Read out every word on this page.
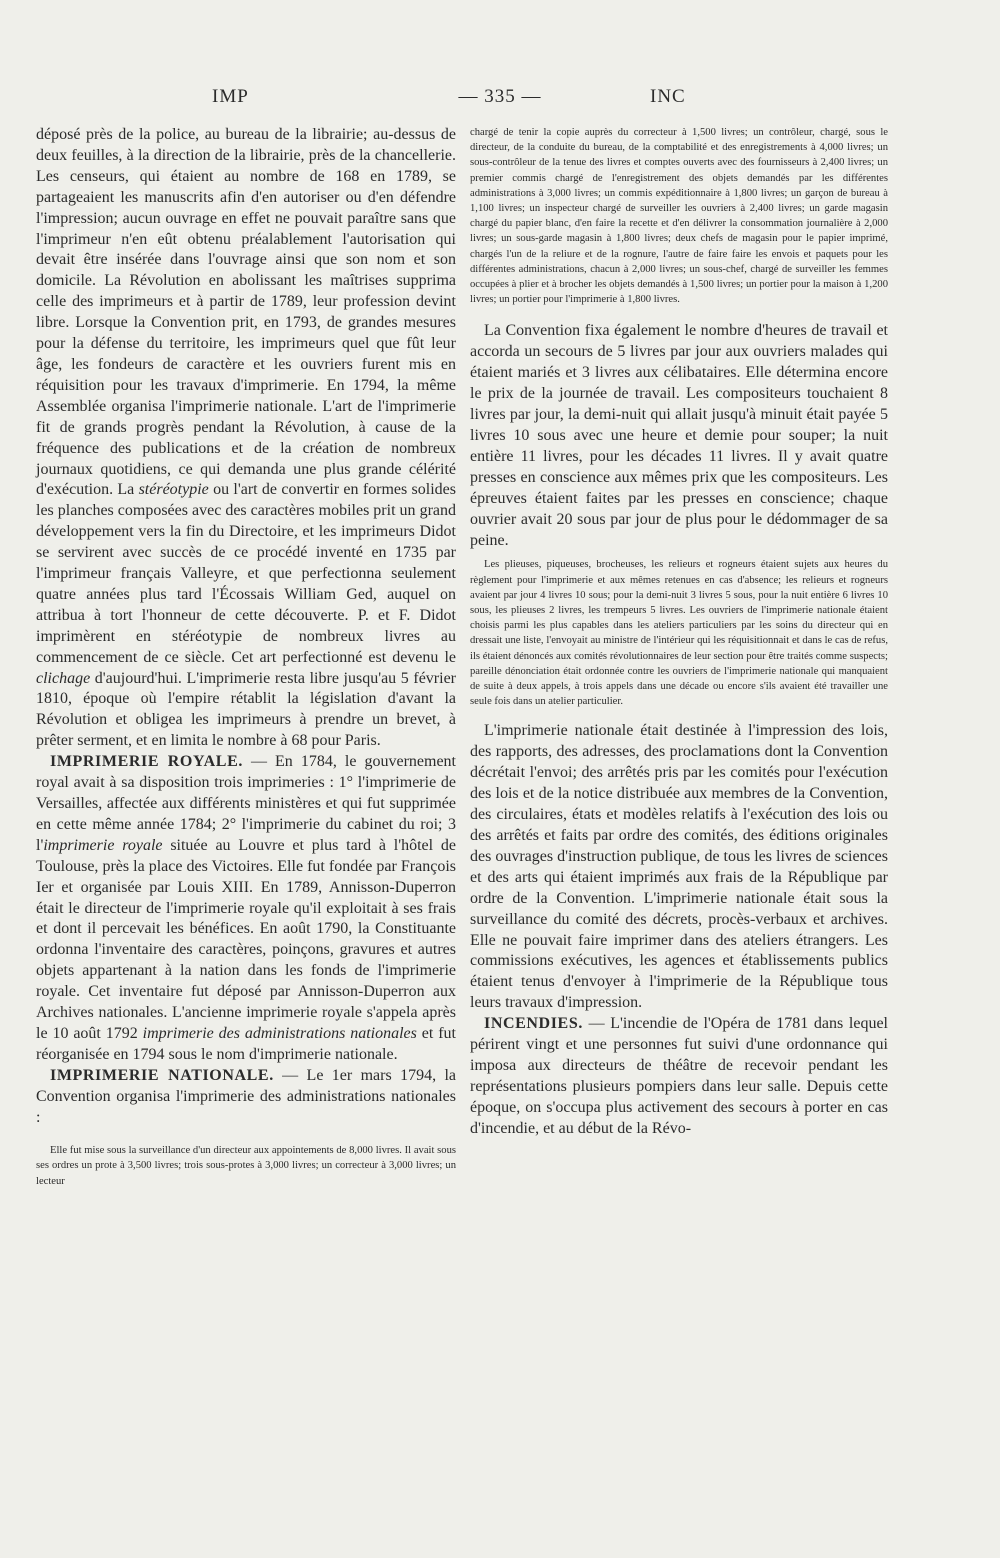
IMP	— 335 —	INC

déposé près de la police, au bureau de la librairie; au-dessus de deux feuilles, à la direction de la librairie, près de la chancellerie. Les censeurs, qui étaient au nombre de 168 en 1789, se partageaient les manuscrits afin d'en autoriser ou d'en défendre l'impression; aucun ouvrage en effet ne pouvait paraître sans que l'imprimeur n'en eût obtenu préalablement l'autorisation qui devait être insérée dans l'ouvrage ainsi que son nom et son domicile. La Révolution en abolissant les maîtrises supprima celle des imprimeurs et à partir de 1789, leur profession devint libre. Lorsque la Convention prit, en 1793, de grandes mesures pour la défense du territoire, les imprimeurs quel que fût leur âge, les fondeurs de caractère et les ouvriers furent mis en réquisition pour les travaux d'imprimerie. En 1794, la même Assemblée organisa l'imprimerie nationale. L'art de l'imprimerie fit de grands progrès pendant la Révolution, à cause de la fréquence des publications et de la création de nombreux journaux quotidiens, ce qui demanda une plus grande célérité d'exécution. La stéréotypie ou l'art de convertir en formes solides les planches composées avec des caractères mobiles prit un grand développement vers la fin du Directoire, et les imprimeurs Didot se servirent avec succès de ce procédé inventé en 1735 par l'imprimeur français Valleyre, et que perfectionna seulement quatre années plus tard l'Écossais William Ged, auquel on attribua à tort l'honneur de cette découverte. P. et F. Didot imprimèrent en stéréotypie de nombreux livres au commencement de ce siècle. Cet art perfectionné est devenu le clichage d'aujourd'hui. L'imprimerie resta libre jusqu'au 5 février 1810, époque où l'empire rétablit la législation d'avant la Révolution et obligea les imprimeurs à prendre un brevet, à prêter serment, et en limita le nombre à 68 pour Paris.

IMPRIMERIE ROYALE. — En 1784, le gouvernement royal avait à sa disposition trois imprimeries : 1° l'imprimerie de Versailles, affectée aux différents ministères et qui fut supprimée en cette même année 1784; 2° l'imprimerie du cabinet du roi; 3 l'imprimerie royale située au Louvre et plus tard à l'hôtel de Toulouse, près la place des Victoires. Elle fut fondée par François Ier et organisée par Louis XIII. En 1789, Annisson-Duperron était le directeur de l'imprimerie royale qu'il exploitait à ses frais et dont il percevait les bénéfices. En août 1790, la Constituante ordonna l'inventaire des caractères, poinçons, gravures et autres objets appartenant à la nation dans les fonds de l'imprimerie royale. Cet inventaire fut déposé par Annisson-Duperron aux Archives nationales. L'ancienne imprimerie royale s'appela après le 10 août 1792 imprimerie des administrations nationales et fut réorganisée en 1794 sous le nom d'imprimerie nationale.

IMPRIMERIE NATIONALE. — Le 1er mars 1794, la Convention organisa l'imprimerie des administrations nationales :

Elle fut mise sous la surveillance d'un directeur aux appointements de 8,000 livres. Il avait sous ses ordres un prote à 3,500 livres; trois sous-protes à 3,000 livres; un correcteur à 3,000 livres; un lecteur

chargé de tenir la copie auprès du correcteur à 1,500 livres; un contrôleur, chargé, sous le directeur, de la conduite du bureau, de la comptabilité et des enregistrements à 4,000 livres; un sous-contrôleur de la tenue des livres et comptes ouverts avec des fournisseurs à 2,400 livres; un premier commis chargé de l'enregistrement des objets demandés par les différentes administrations à 3,000 livres; un commis expéditionnaire à 1,800 livres; un garçon de bureau à 1,100 livres; un inspecteur chargé de surveiller les ouvriers à 2,400 livres; un garde magasin chargé du papier blanc, d'en faire la recette et d'en délivrer la consommation journalière à 2,000 livres; un sous-garde magasin à 1,800 livres; deux chefs de magasin pour le papier imprimé, chargés l'un de la reliure et de la rognure, l'autre de faire faire les envois et paquets pour les différentes administrations, chacun à 2,000 livres; un sous-chef, chargé de surveiller les femmes occupées à plier et à brocher les objets demandés à 1,500 livres; un portier pour la maison à 1,200 livres; un portier pour l'imprimerie à 1,800 livres.

La Convention fixa également le nombre d'heures de travail et accorda un secours de 5 livres par jour aux ouvriers malades qui étaient mariés et 3 livres aux célibataires. Elle détermina encore le prix de la journée de travail. Les compositeurs touchaient 8 livres par jour, la demi-nuit qui allait jusqu'à minuit était payée 5 livres 10 sous avec une heure et demie pour souper; la nuit entière 11 livres, pour les décades 11 livres. Il y avait quatre presses en conscience aux mêmes prix que les compositeurs. Les épreuves étaient faites par les presses en conscience; chaque ouvrier avait 20 sous par jour de plus pour le dédommager de sa peine.

Les plieuses, piqueuses, brocheuses, les relieurs et rogneurs étaient sujets aux heures du règlement pour l'imprimerie et aux mêmes retenues en cas d'absence; les relieurs et rogneurs avaient par jour 4 livres 10 sous; pour la demi-nuit 3 livres 5 sous, pour la nuit entière 6 livres 10 sous, les plieuses 2 livres, les trempeurs 5 livres. Les ouvriers de l'imprimerie nationale étaient choisis parmi les plus capables dans les ateliers particuliers par les soins du directeur qui en dressait une liste, l'envoyait au ministre de l'intérieur qui les réquisitionnait et dans le cas de refus, ils étaient dénoncés aux comités révolutionnaires de leur section pour être traités comme suspects; pareille dénonciation était ordonnée contre les ouvriers de l'imprimerie nationale qui manquaient de suite à deux appels, à trois appels dans une décade ou encore s'ils avaient été travailler une seule fois dans un atelier particulier.

L'imprimerie nationale était destinée à l'impression des lois, des rapports, des adresses, des proclamations dont la Convention décrétait l'envoi; des arrêtés pris par les comités pour l'exécution des lois et de la notice distribuée aux membres de la Convention, des circulaires, états et modèles relatifs à l'exécution des lois ou des arrêtés et faits par ordre des comités, des éditions originales des ouvrages d'instruction publique, de tous les livres de sciences et des arts qui étaient imprimés aux frais de la République par ordre de la Convention. L'imprimerie nationale était sous la surveillance du comité des décrets, procès-verbaux et archives. Elle ne pouvait faire imprimer dans des ateliers étrangers. Les commissions exécutives, les agences et établissements publics étaient tenus d'envoyer à l'imprimerie de la République tous leurs travaux d'impression.

INCENDIES. — L'incendie de l'Opéra de 1781 dans lequel périrent vingt et une personnes fut suivi d'une ordonnance qui imposa aux directeurs de théâtre de recevoir pendant les représentations plusieurs pompiers dans leur salle. Depuis cette époque, on s'occupa plus activement des secours à porter en cas d'incendie, et au début de la Révo-
